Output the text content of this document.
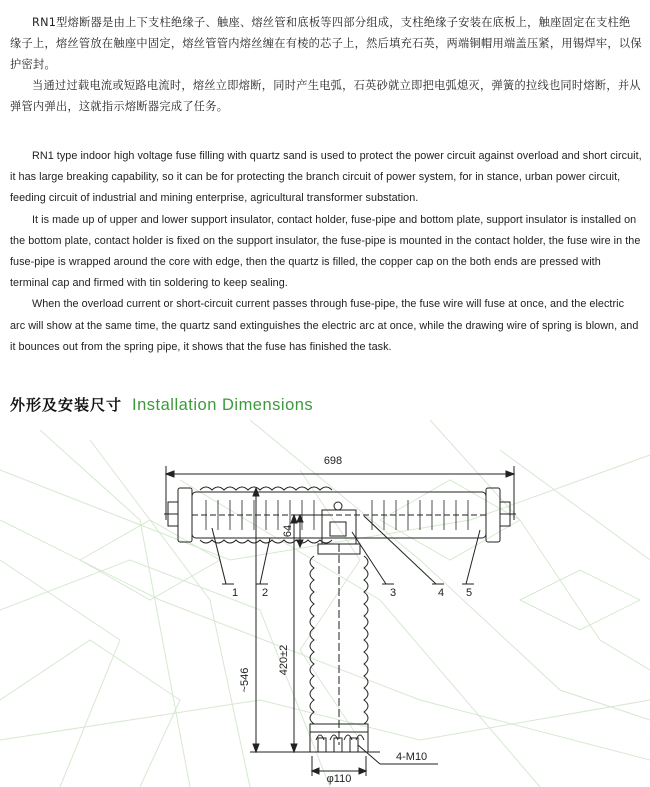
RN1型熔断器是由上下支柱绝缘子、触座、熔丝管和底板等四部分组成，支柱绝缘子安装在底板上，触座固定在支柱绝缘子上，熔丝管放在触座中固定，熔丝管管内熔丝缠在有棱的芯子上，然后填充石英，两端铜帽用端盖压紧，用锡焊牢，以保护密封。

当通过过载电流或短路电流时，熔丝立即熔断，同时产生电弧，石英砂就立即把电弧熄灭，弹簧的拉线也同时熔断，并从弹管内弹出，这就指示熔断器完成了任务。

RN1 type indoor high voltage fuse filling with quartz sand is used to protect the power circuit against overload and short circuit, it has large breaking capability, so it can be for protecting the branch circuit of power system, for in stance, urban power circuit, feeding circuit of industrial and mining enterprise, agricultural transformer substation.

It is made up of upper and lower support insulator, contact holder, fuse-pipe and bottom plate, support insulator is installed on the bottom plate, contact holder is fixed on the support insulator, the fuse-pipe is mounted in the contact holder, the fuse wire in the fuse-pipe is wrapped around the core with edge, then the quartz is filled, the copper cap on the both ends are pressed with terminal cap and firmed with tin soldering to keep sealing.

When the overload current or short-circuit current passes through fuse-pipe, the fuse wire will fuse at once, and the electric arc will show at the same time, the quartz sand extinguishes the electric arc at once, while the drawing wire of spring is blown, and it bounces out from the spring pipe, it shows that the fuse has finished the task.

外形及安装尺寸 Installation Dimensions
698
64
~546
420±2
φ110
4-M10
1 2	3	4 5
